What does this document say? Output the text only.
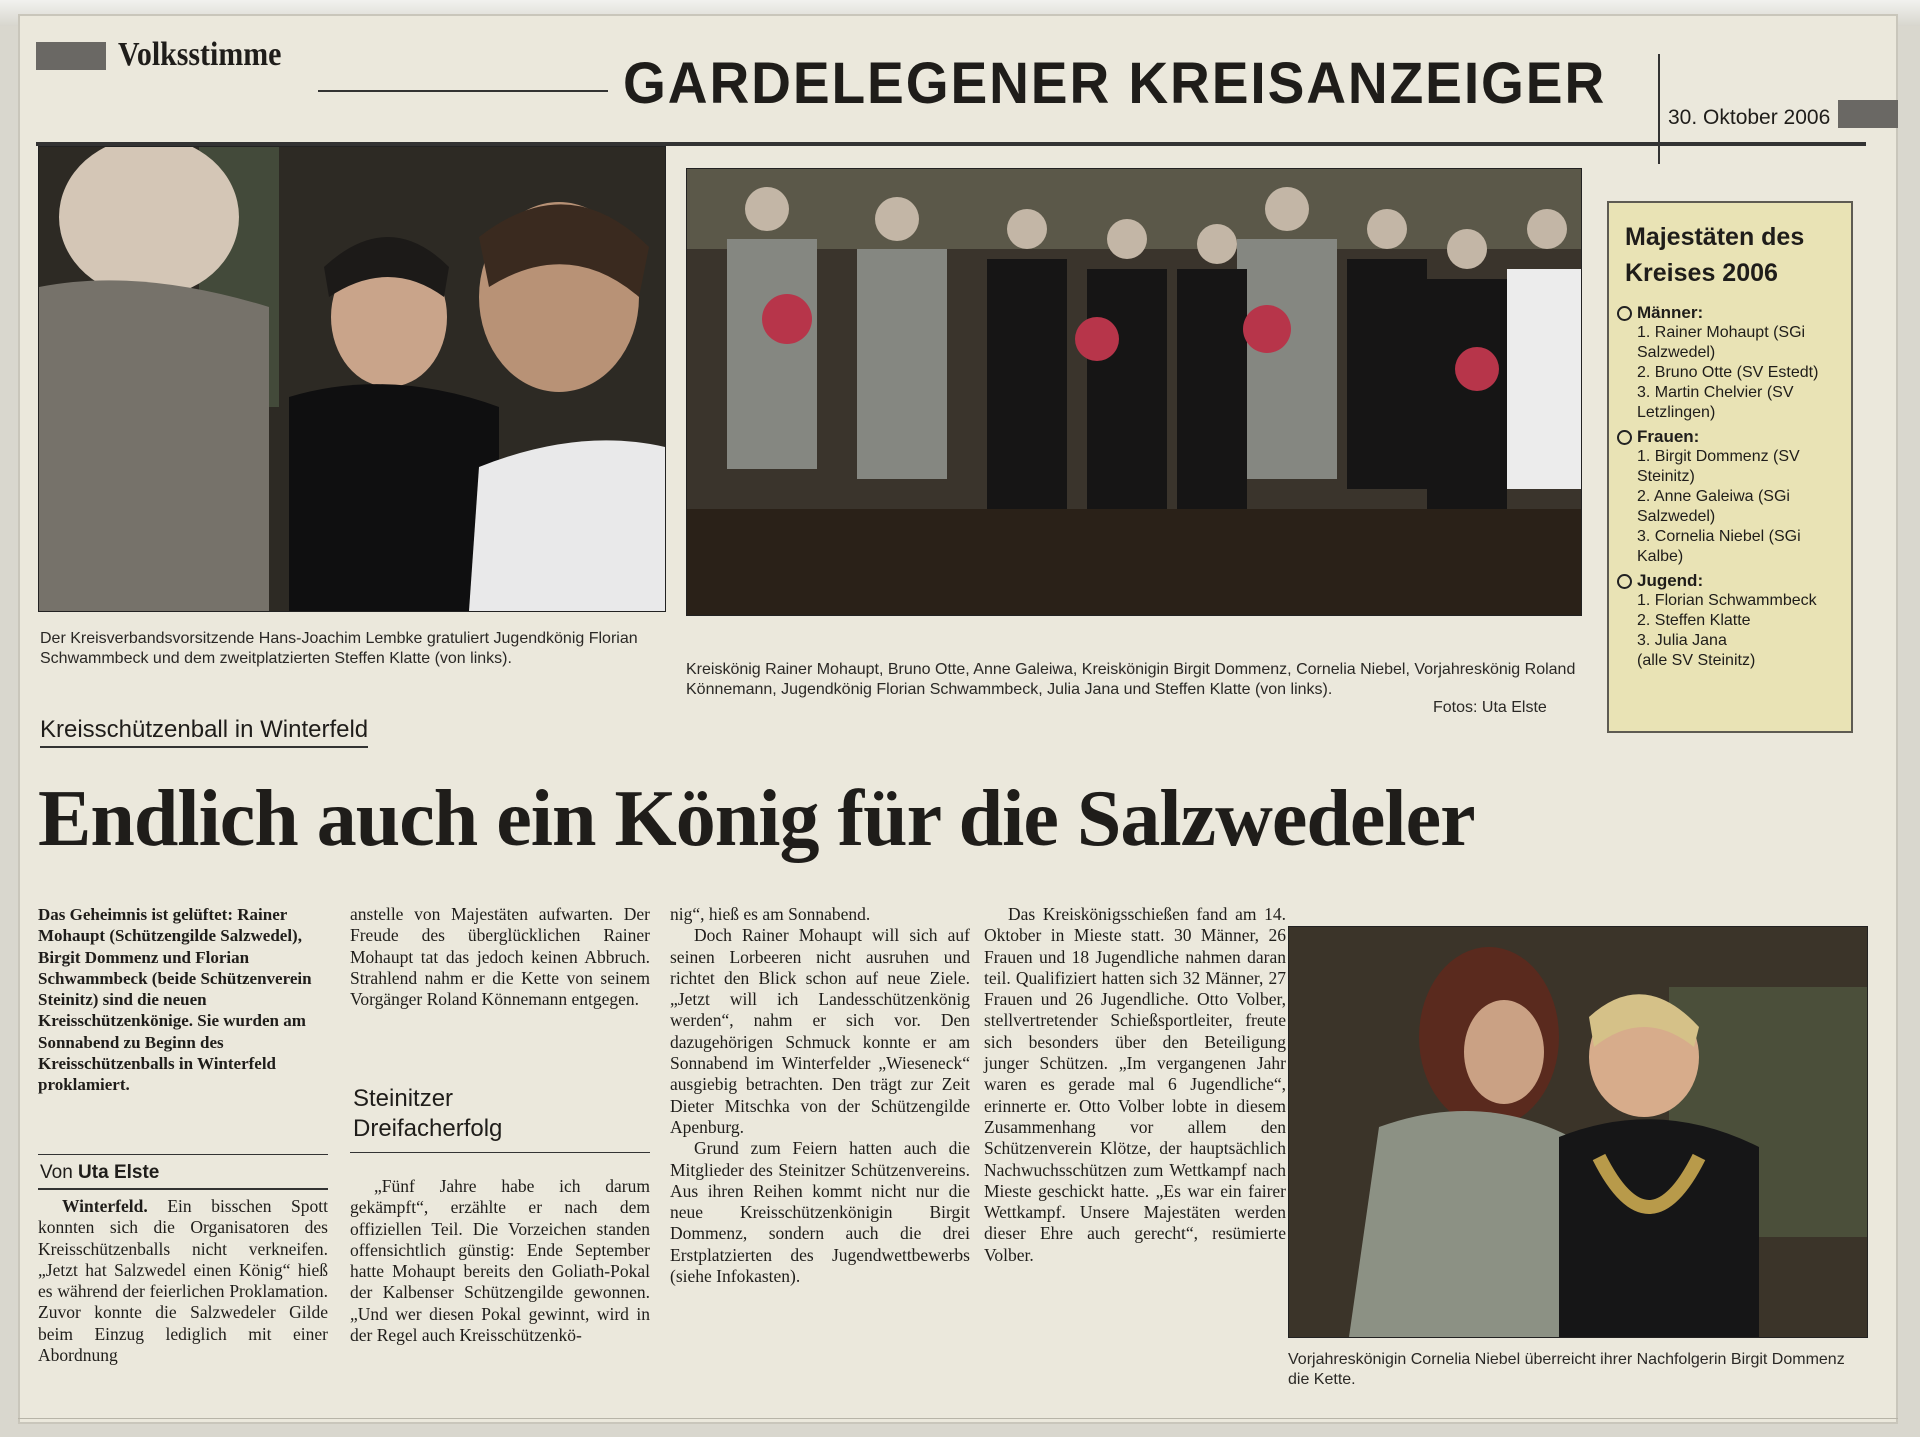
Volksstimme	GARDELEGENER KREISANZEIGER
30. Oktober 2006
Der Kreisverbandsvorsitzende Hans-Joachim Lembke gratuliert Jugendkönig Florian Schwammbeck und dem zweitplatzierten Steffen Klatte (von links).
Kreiskönig Rainer Mohaupt, Bruno Otte, Anne Galeiwa, Kreiskönigin Birgit Dommenz, Cornelia Niebel, Vorjahreskönig Roland Könnemann, Jugendkönig Florian Schwammbeck, Julia Jana und Steffen Klatte (von links).
Fotos: Uta Elste
Majestäten des Kreises 2006
Männer:
1. Rainer Mohaupt (SGi Salzwedel)
2. Bruno Otte (SV Estedt)
3. Martin Chelvier (SV Letzlingen)
Frauen:
1. Birgit Dommenz (SV Steinitz)
2. Anne Galeiwa (SGi Salzwedel)
3. Cornelia Niebel (SGi Kalbe)
Jugend:
1. Florian Schwammbeck
2. Steffen Klatte
3. Julia Jana
(alle SV Steinitz)
Kreisschützenball in Winterfeld
Endlich auch ein König für die Salzwedeler
Das Geheimnis ist gelüftet: Rainer Mohaupt (Schützengilde Salzwedel), Birgit Dommenz und Florian Schwammbeck (beide Schützenverein Steinitz) sind die neuen Kreisschützenkönige. Sie wurden am Sonnabend zu Beginn des Kreisschützenballs in Winterfeld proklamiert.
Von Uta Elste

Winterfeld. Ein bisschen Spott konnten sich die Organisatoren des Kreisschützenballs nicht verkneifen. „Jetzt hat Salzwedel einen König“ hieß es während der feierlichen Proklamation. Zuvor konnte die Salzwedeler Gilde beim Einzug lediglich mit einer Abordnung

anstelle von Majestäten aufwarten. Der Freude des überglücklichen Rainer Mohaupt tat das jedoch keinen Abbruch. Strahlend nahm er die Kette von seinem Vorgänger Roland Könnemann entgegen.

Steinitzer Dreifacherfolg

„Fünf Jahre habe ich darum gekämpft“, erzählte er nach dem offiziellen Teil. Die Vorzeichen standen offensichtlich günstig: Ende September hatte Mohaupt bereits den Goliath-Pokal der Kalbenser Schützengilde gewonnen. „Und wer diesen Pokal gewinnt, wird in der Regel auch Kreisschützenkö-

nig“, hieß es am Sonnabend.

Doch Rainer Mohaupt will sich auf seinen Lorbeeren nicht ausruhen und richtet den Blick schon auf neue Ziele. „Jetzt will ich Landesschützenkönig werden“, nahm er sich vor. Den dazugehörigen Schmuck konnte er am Sonnabend im Winterfelder „Wieseneck“ ausgiebig betrachten. Den trägt zur Zeit Dieter Mitschka von der Schützengilde Apenburg.

Grund zum Feiern hatten auch die Mitglieder des Steinitzer Schützenvereins. Aus ihren Reihen kommt nicht nur die neue Kreisschützenkönigin Birgit Dommenz, sondern auch die drei Erstplatzierten des Jugendwettbewerbs (siehe Infokasten).

Das Kreiskönigsschießen fand am 14. Oktober in Mieste statt. 30 Männer, 26 Frauen und 18 Jugendliche nahmen daran teil. Qualifiziert hatten sich 32 Männer, 27 Frauen und 26 Jugendliche. Otto Volber, stellvertretender Schießsportleiter, freute sich besonders über den Beteiligung junger Schützen. „Im vergangenen Jahr waren es gerade mal 6 Jugendliche“, erinnerte er. Otto Volber lobte in diesem Zusammenhang vor allem den Schützenverein Klötze, der hauptsächlich Nachwuchsschützen zum Wettkampf nach Mieste geschickt hatte. „Es war ein fairer Wettkampf. Unsere Majestäten werden dieser Ehre auch gerecht“, resümierte Volber.

Vorjahreskönigin Cornelia Niebel überreicht ihrer Nachfolgerin Birgit Dommenz die Kette.
